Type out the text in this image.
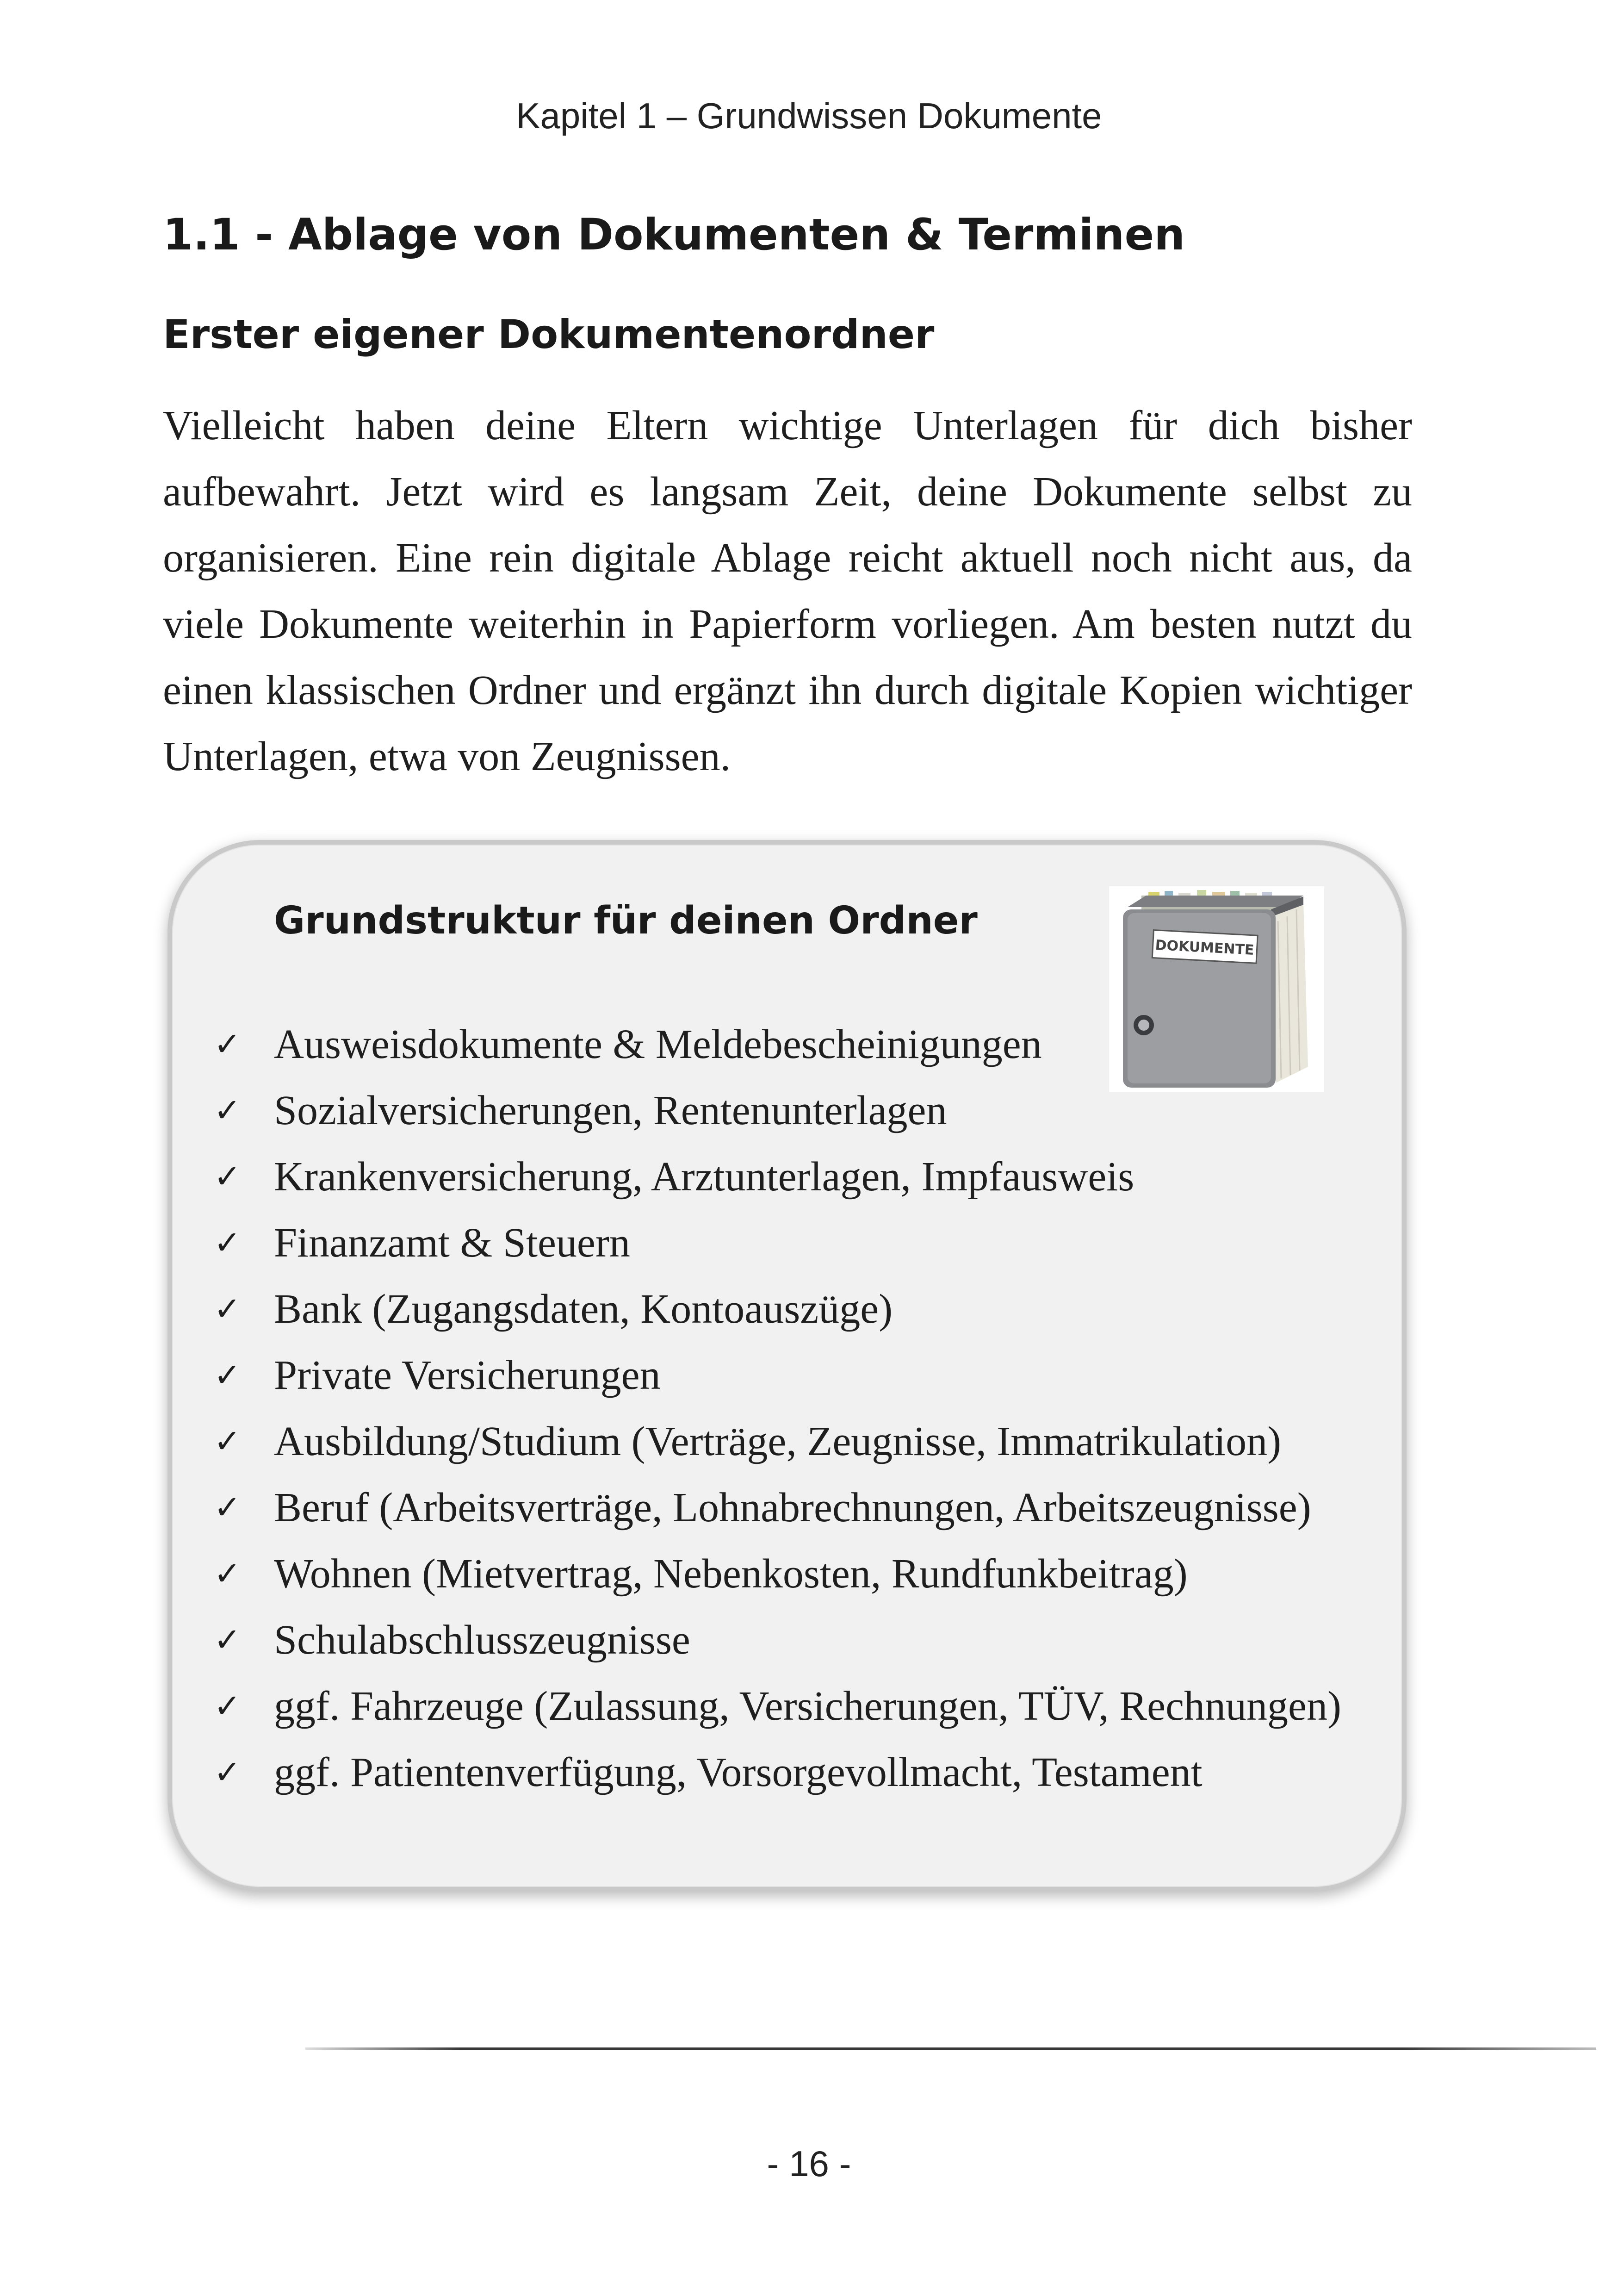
Kapitel 1 – Grundwissen Dokumente
1.1 - Ablage von Dokumenten & Terminen
Erster eigener Dokumentenordner

Vielleicht haben deine Eltern wichtige Unterlagen für dich bisher aufbewahrt. Jetzt wird es langsam Zeit, deine Dokumente selbst zu organisieren. Eine rein digitale Ablage reicht aktuell noch nicht aus, da viele Dokumente weiterhin in Papierform vorliegen. Am besten nutzt du einen klassischen Ordner und ergänzt ihn durch digitale Kopien wichtiger Unterlagen, etwa von Zeugnissen.

Grundstruktur für deinen Ordner
DOKUMENTE
✓ Ausweisdokumente & Meldebescheinigungen
✓ Sozialversicherungen, Rentenunterlagen
✓ Krankenversicherung, Arztunterlagen, Impfausweis
✓ Finanzamt & Steuern
✓ Bank (Zugangsdaten, Kontoauszüge)
✓ Private Versicherungen
✓ Ausbildung/Studium (Verträge, Zeugnisse, Immatrikulation)
✓ Beruf (Arbeitsverträge, Lohnabrechnungen, Arbeitszeugnisse)
✓ Wohnen (Mietvertrag, Nebenkosten, Rundfunkbeitrag)
✓ Schulabschlusszeugnisse
✓ ggf. Fahrzeuge (Zulassung, Versicherungen, TÜV, Rechnungen)
✓ ggf. Patientenverfügung, Vorsorgevollmacht, Testament
- 16 -
